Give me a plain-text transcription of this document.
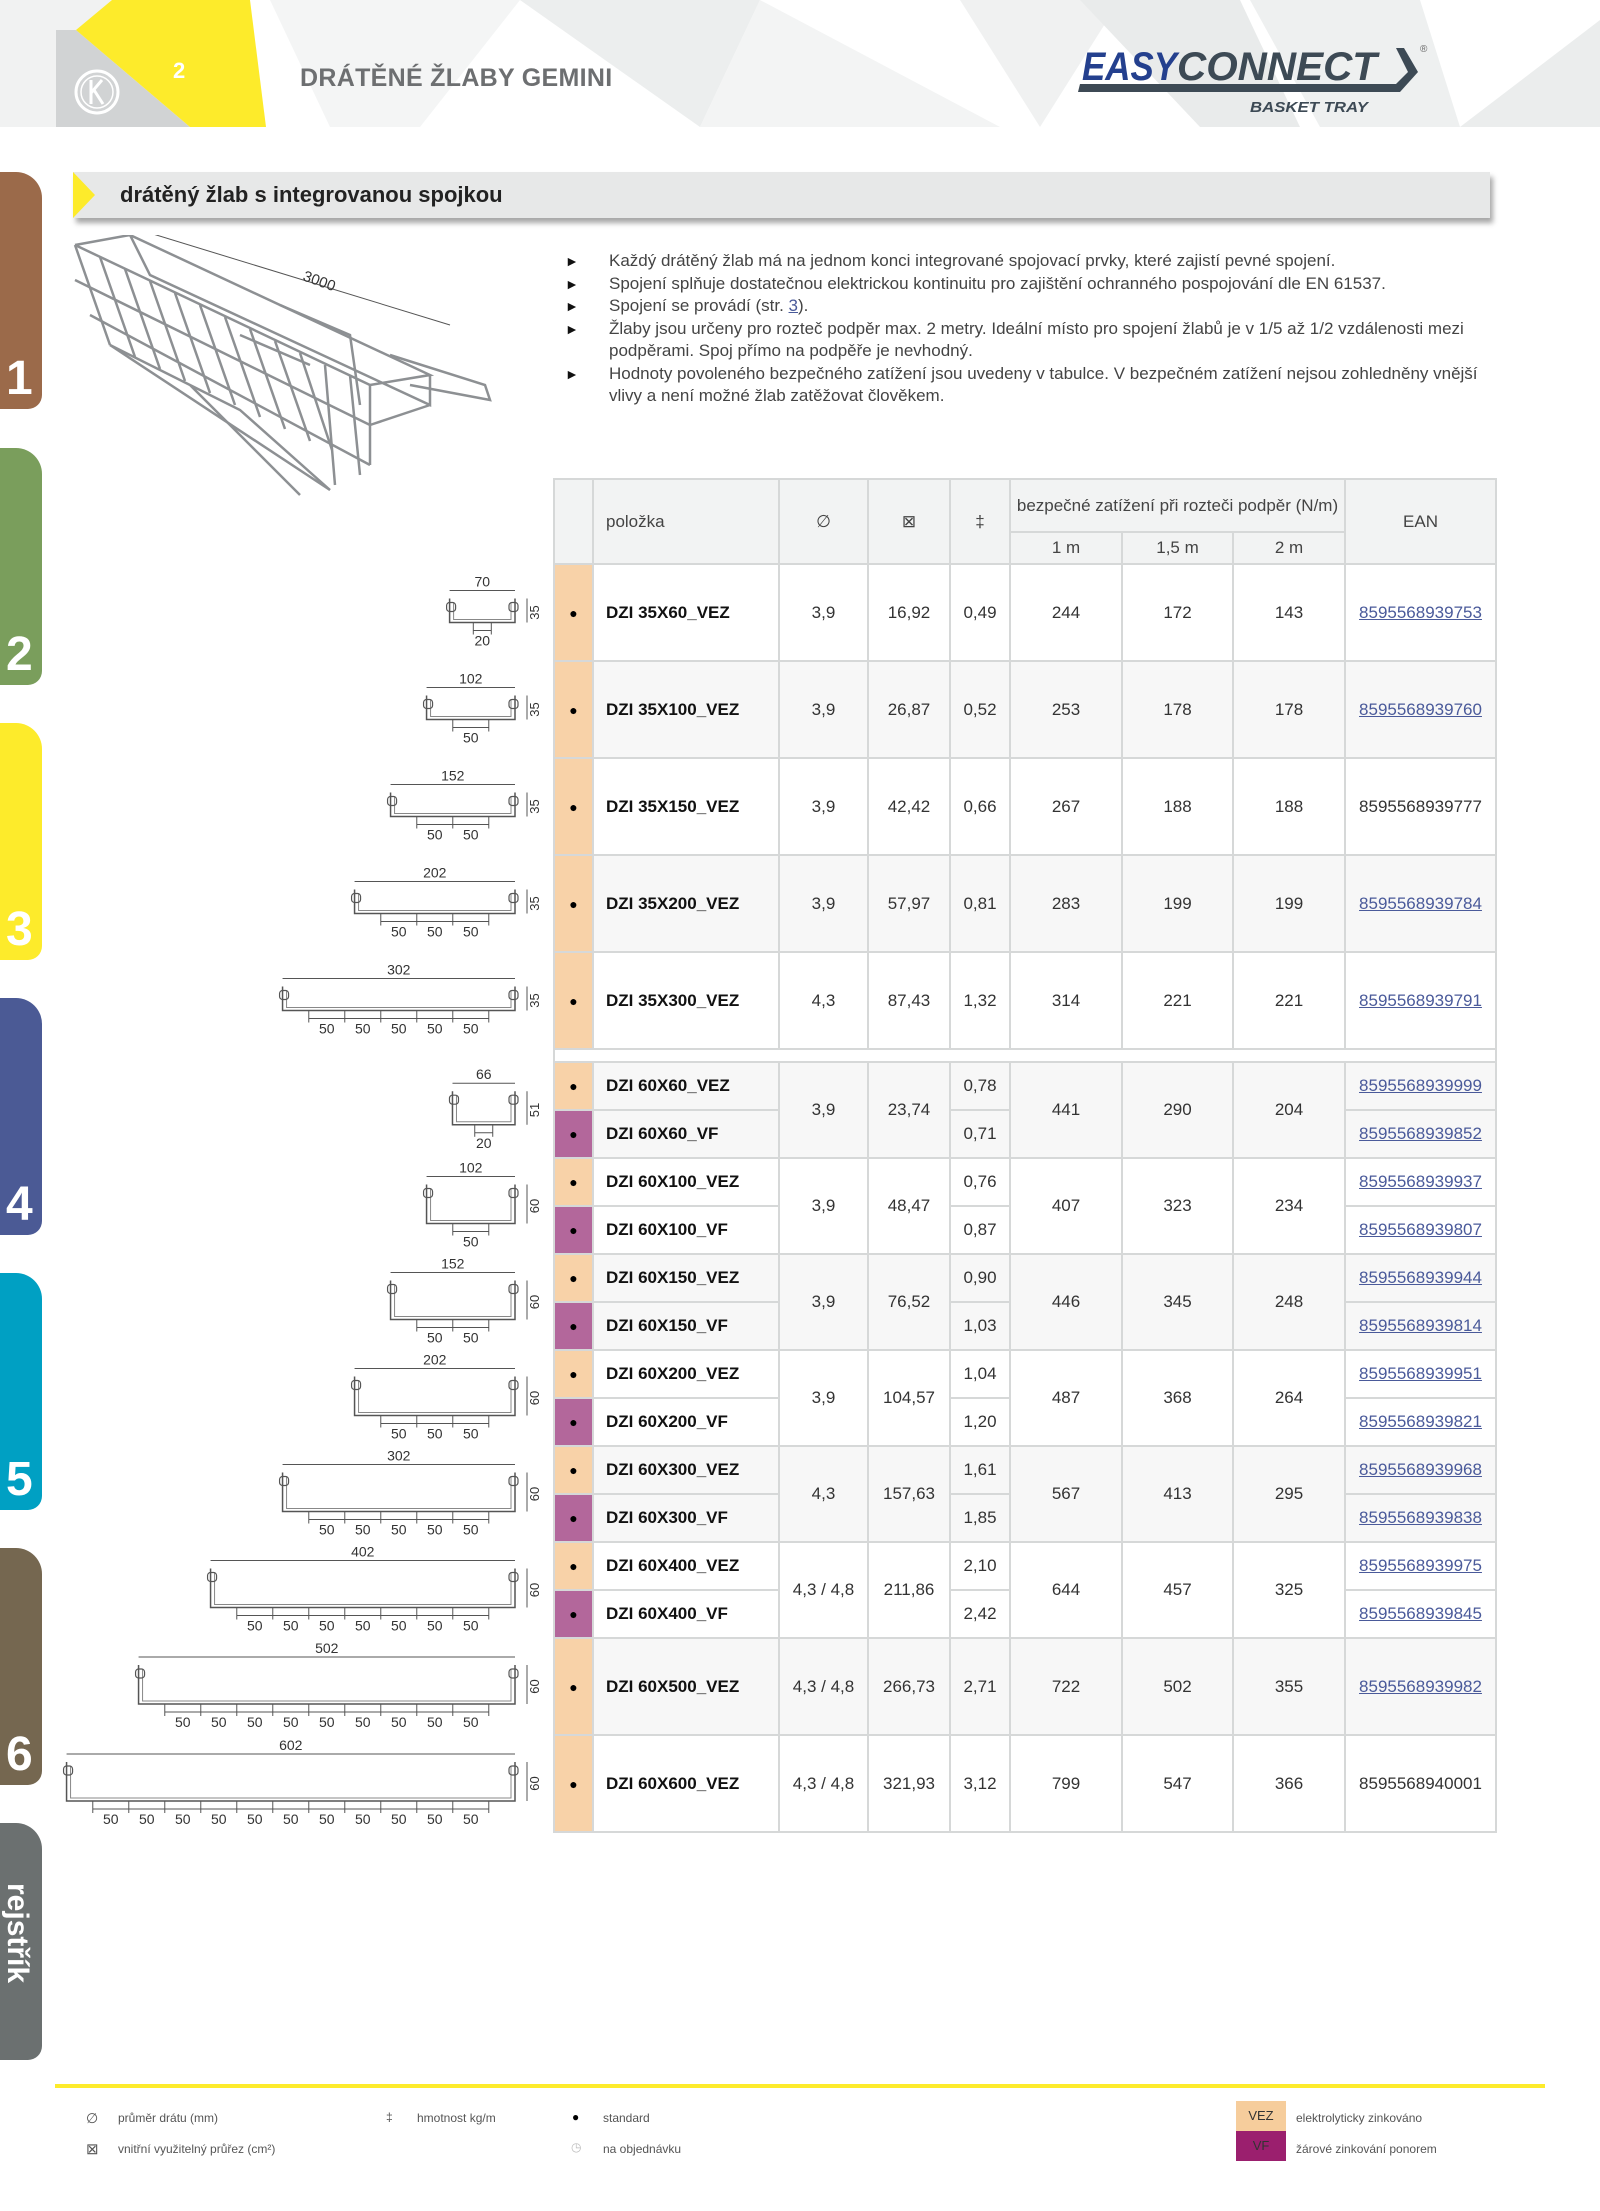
2	DRÁTĚNÉ ŽLABY GEMINI	EASY
CONNECT	®
BASKET TRAY
1
2
3
4
5
6
rejstřík
drátěný žlab s integrovanou spojkou
3000
► Každý drátěný žlab má na jednom konci integrované spojovací prvky, které zajistí pevné spojení.
► Spojení splňuje dostatečnou elektrickou kontinuitu pro zajištění ochranného pospojování dle EN 61537.
► Spojení se provádí (str. 3).
► Žlaby jsou určeny pro rozteč podpěr max. 2 metry. Ideální místo pro spojení žlabů je v 1/5 až 1/2 vzdálenosti mezi podpěrami. Spoj přímo na podpěře je nevhodný.
► Hodnoty povoleného bezpečného zatížení jsou uvedeny v tabulce. V bezpečném zatížení nejsou zohledněny vnější vlivy a není možné žlab zatěžovat člověkem.
	položka	∅	⊠	‡	bezpečné zatížení při rozteči podpěr (N/m)			EAN
					1 m	1,5 m	2 m	
●	DZI 35X60_VEZ	3,9	16,92	0,49	244	172	143	8595568939753
●	DZI 35X100_VEZ	3,9	26,87	0,52	253	178	178	8595568939760
●	DZI 35X150_VEZ	3,9	42,42	0,66	267	188	188	8595568939777
●	DZI 35X200_VEZ	3,9	57,97	0,81	283	199	199	8595568939784
●	DZI 35X300_VEZ	4,3	87,43	1,32	314	221	221	8595568939791

●	DZI 60X60_VEZ	3,9	23,74	0,78	441	290	204	8595568939999
●	DZI 60X60_VF			0,71				8595568939852
●	DZI 60X100_VEZ	3,9	48,47	0,76	407	323	234	8595568939937
●	DZI 60X100_VF			0,87				8595568939807
●	DZI 60X150_VEZ	3,9	76,52	0,90	446	345	248	8595568939944
●	DZI 60X150_VF			1,03				8595568939814
●	DZI 60X200_VEZ	3,9	104,57	1,04	487	368	264	8595568939951
●	DZI 60X200_VF			1,20				8595568939821
●	DZI 60X300_VEZ	4,3	157,63	1,61	567	413	295	8595568939968
●	DZI 60X300_VF			1,85				8595568939838
●	DZI 60X400_VEZ	4,3 / 4,8	211,86	2,10	644	457	325	8595568939975
●	DZI 60X400_VF			2,42				8595568939845
●	DZI 60X500_VEZ	4,3 / 4,8	266,73	2,71	722	502	355	8595568939982
●	DZI 60X600_VEZ	4,3 / 4,8	321,93	3,12	799	547	366	8595568940001
70
35
20
102
35
50
152
35
50 50
202
35
50 50 50
302
35
50 50 50 50 50
66
51
20
102
60
50
152
60
50 50
202
60
50 50 50
302
60
50 50 50 50 50
402
60
50 50 50 50 50 50 50
502
60
50 50 50 50 50 50 50 50 50
602
60
50 50 50 50 50 50 50 50 50 50 50
∅ průměr drátu (mm)
⊠ vnitřní využitelný průřez (cm²)
‡ hmotnost kg/m	● standard
◷ na objednávku
VEZ	elektrolyticky zinkováno
VF	žárové zinkování ponorem
